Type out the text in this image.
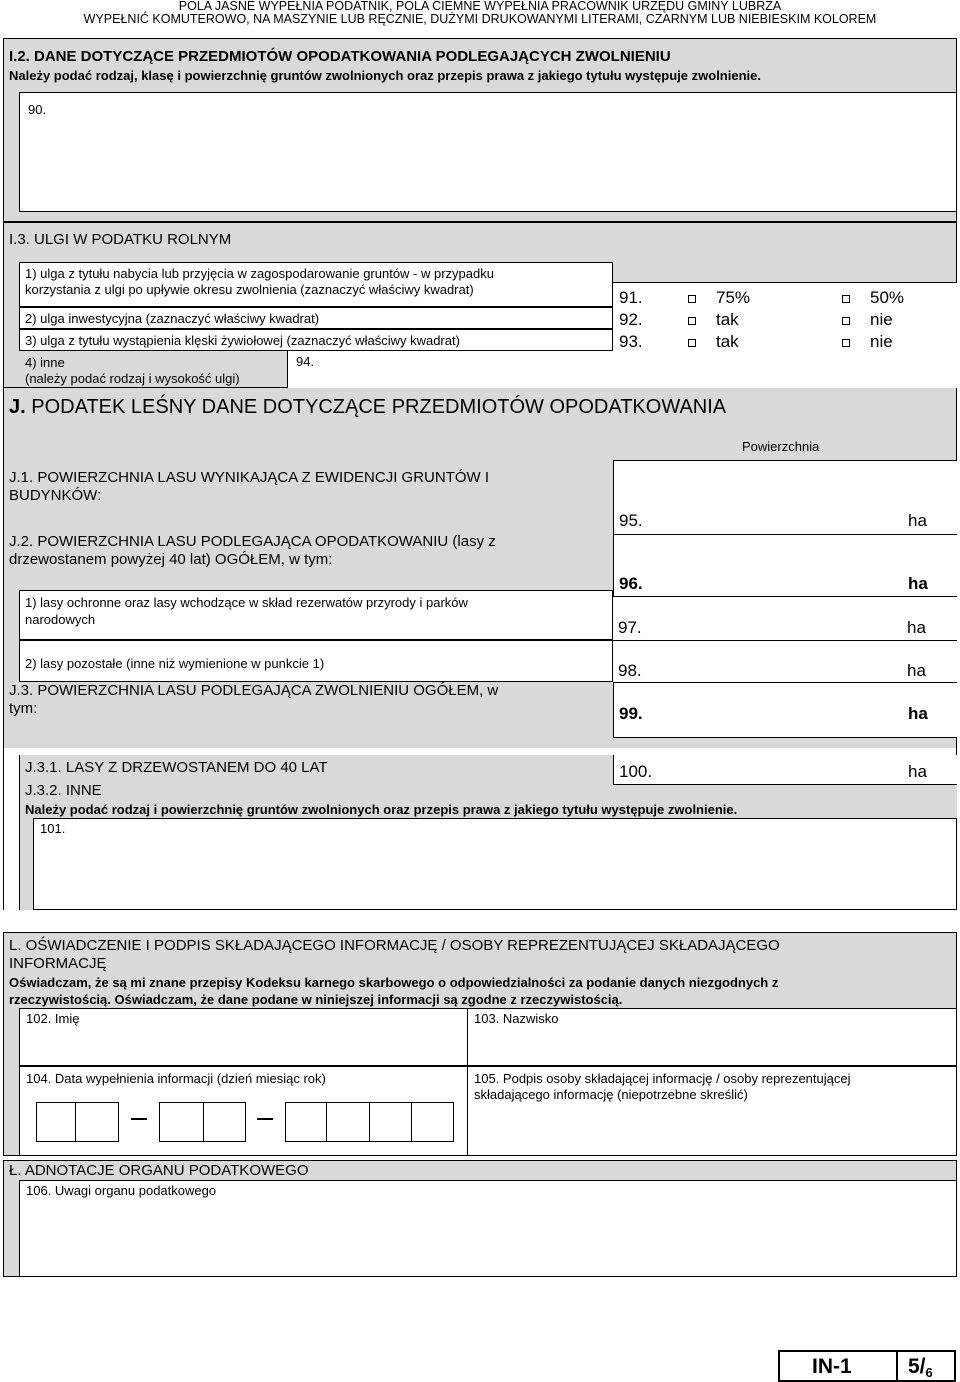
POLA JASNE WYPEŁNIA PODATNIK, POLA CIEMNE WYPEŁNIA PRACOWNIK URZĘDU GMINY LUBRZA
WYPEŁNIĆ KOMUTEROWO, NA MASZYNIE LUB RĘCZNIE, DUŻYMI DRUKOWANYMI LITERAMI, CZARNYM LUB NIEBIESKIM KOLOREM
I.2. DANE DOTYCZĄCE PRZEDMIOTÓW OPODATKOWANIA PODLEGAJĄCYCH ZWOLNIENIU
Należy podać rodzaj, klasę i powierzchnię gruntów zwolnionych oraz przepis prawa z jakiego tytułu występuje zwolnienie.
90.
I.3. ULGI W PODATKU ROLNYM
1) ulga z tytułu nabycia lub przyjęcia w zagospodarowanie gruntów - w przypadku
korzystania z ulgi po upływie okresu zwolnienia (zaznaczyć właściwy kwadrat)	91.	75%	50%
2) ulga inwestycyjna (zaznaczyć właściwy kwadrat)	92.	tak	nie
3) ulga z tytułu wystąpienia klęski żywiołowej (zaznaczyć właściwy kwadrat)	93.	tak	nie
4) inne
(należy podać rodzaj i wysokość ulgi)
94.
J. PODATEK LEŚNY DANE DOTYCZĄCE PRZEDMIOTÓW OPODATKOWANIA
Powierzchnia
J.1. POWIERZCHNIA LASU WYNIKAJĄCA Z EWIDENCJI GRUNTÓW I
BUDYNKÓW:
95.	ha
J.2. POWIERZCHNIA LASU PODLEGAJĄCA OPODATKOWANIU (lasy z
drzewostanem powyżej 40 lat) OGÓŁEM, w tym:
96.	ha
1) lasy ochronne oraz lasy wchodzące w skład rezerwatów przyrody i parków
narodowych	97.	ha
2) lasy pozostałe (inne niż wymienione w punkcie 1)	98.	ha
J.3. POWIERZCHNIA LASU PODLEGAJĄCA ZWOLNIENIU OGÓŁEM, w
tym:	99.	ha
J.3.1. LASY Z DRZEWOSTANEM DO 40 LAT	100.	ha
J.3.2. INNE
Należy podać rodzaj i powierzchnię gruntów zwolnionych oraz przepis prawa z jakiego tytułu występuje zwolnienie.
101.
L. OŚWIADCZENIE I PODPIS SKŁADAJĄCEGO INFORMACJĘ / OSOBY REPREZENTUJĄCEJ SKŁADAJĄCEGO
INFORMACJĘ
Oświadczam, że są mi znane przepisy Kodeksu karnego skarbowego o odpowiedzialności za podanie danych niezgodnych z
rzeczywistością. Oświadczam, że dane podane w niniejszej informacji są zgodne z rzeczywistością.
102. Imię	103. Nazwisko
104. Data wypełnienia informacji (dzień miesiąc rok)	105. Podpis osoby składającej informację / osoby reprezentującej
składającego informację (niepotrzebne skreślić)
Ł. ADNOTACJE ORGANU PODATKOWEGO
106. Uwagi organu podatkowego
IN-1	5/6
